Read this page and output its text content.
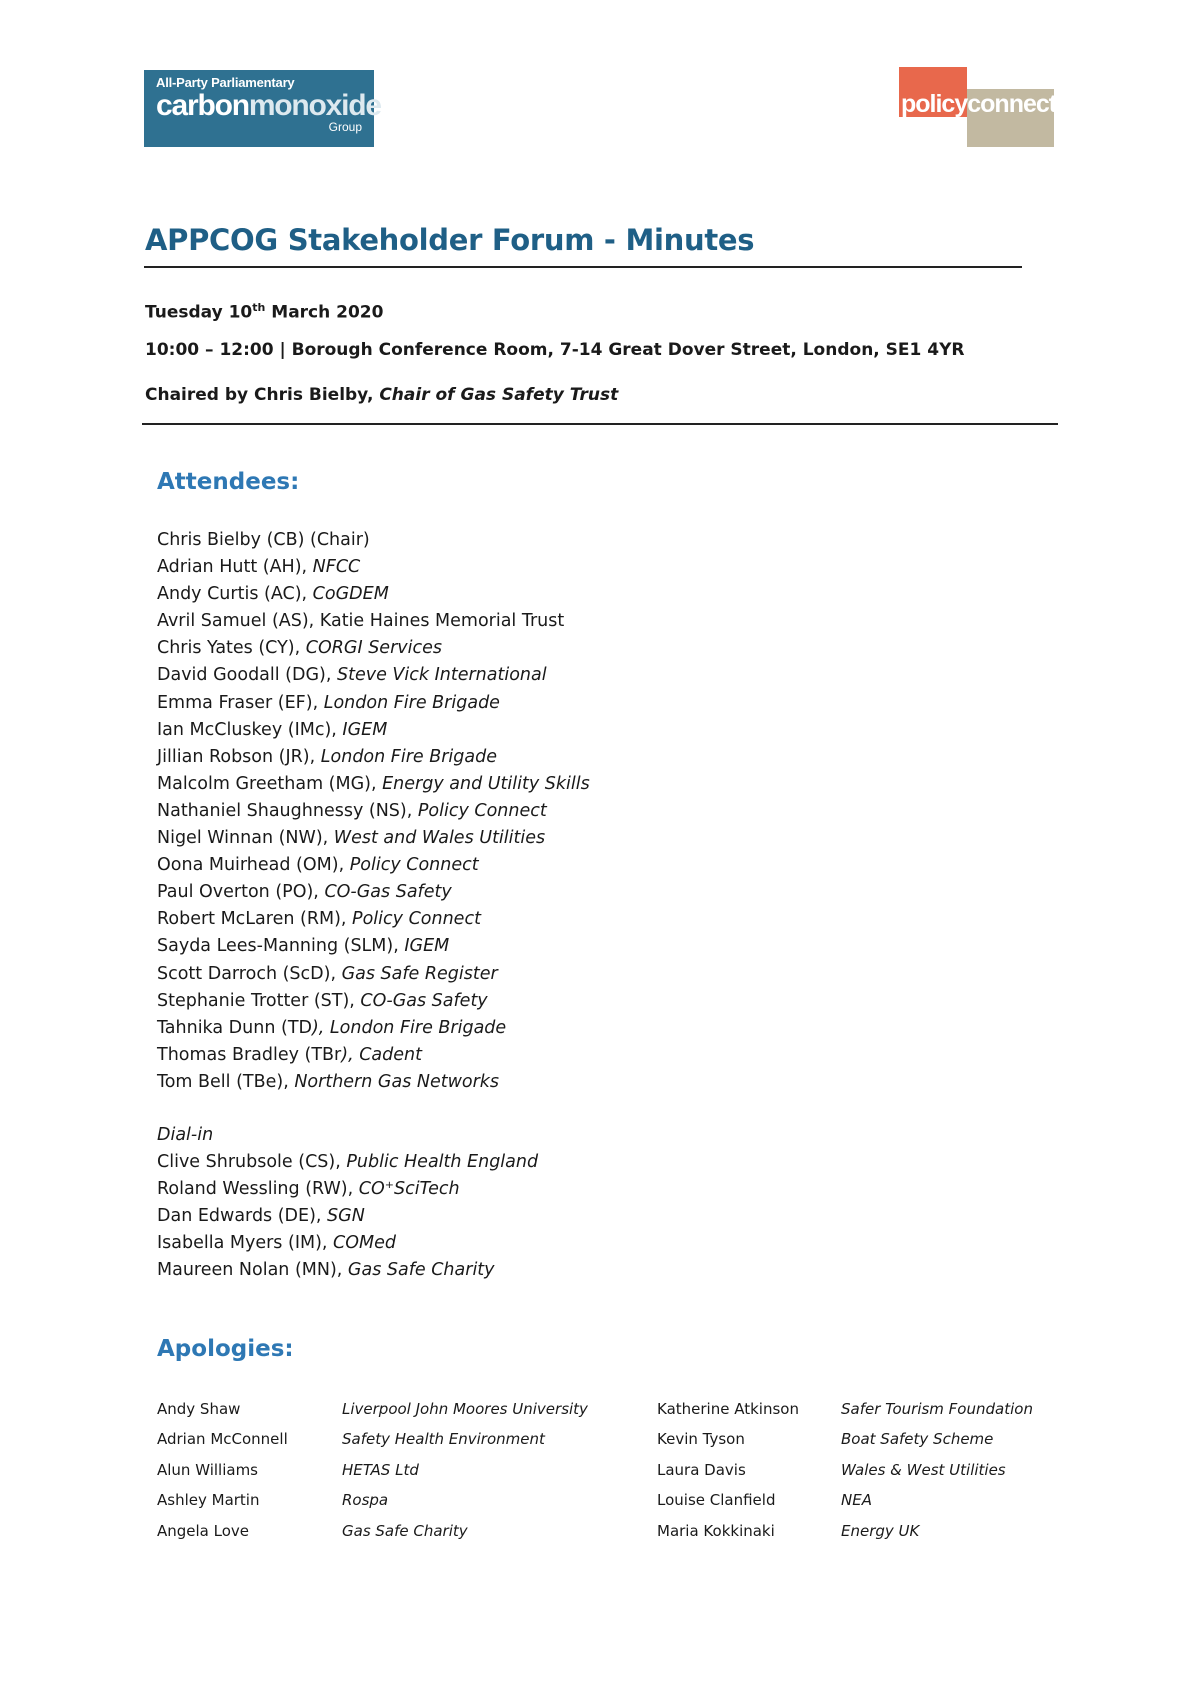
All-Party Parliamentary
carbonmonoxide
Group
policyconnect
APPCOG Stakeholder Forum - Minutes
Tuesday 10th March 2020
10:00 – 12:00 | Borough Conference Room, 7-14 Great Dover Street, London, SE1 4YR
Chaired by Chris Bielby, Chair of Gas Safety Trust
Attendees:
Chris Bielby (CB) (Chair)
Adrian Hutt (AH), NFCC
Andy Curtis (AC), CoGDEM
Avril Samuel (AS), Katie Haines Memorial Trust
Chris Yates (CY), CORGI Services
David Goodall (DG), Steve Vick International
Emma Fraser (EF), London Fire Brigade
Ian McCluskey (IMc), IGEM
Jillian Robson (JR), London Fire Brigade
Malcolm Greetham (MG), Energy and Utility Skills
Nathaniel Shaughnessy (NS), Policy Connect
Nigel Winnan (NW), West and Wales Utilities
Oona Muirhead (OM), Policy Connect
Paul Overton (PO), CO-Gas Safety
Robert McLaren (RM), Policy Connect
Sayda Lees-Manning (SLM), IGEM
Scott Darroch (ScD), Gas Safe Register
Stephanie Trotter (ST), CO-Gas Safety
Tahnika Dunn (TD), London Fire Brigade
Thomas Bradley (TBr), Cadent
Tom Bell (TBe), Northern Gas Networks
Dial-in
Clive Shrubsole (CS), Public Health England
Roland Wessling (RW), CO⁺SciTech
Dan Edwards (DE), SGN
Isabella Myers (IM), COMed
Maureen Nolan (MN), Gas Safe Charity
Apologies:
Andy Shaw	Liverpool John Moores University	Katherine Atkinson	Safer Tourism Foundation
Adrian McConnell	Safety Health Environment	Kevin Tyson	Boat Safety Scheme
Alun Williams	HETAS Ltd	Laura Davis	Wales & West Utilities
Ashley Martin	Rospa	Louise Clanfield	NEA
Angela Love	Gas Safe Charity	Maria Kokkinaki	Energy UK
